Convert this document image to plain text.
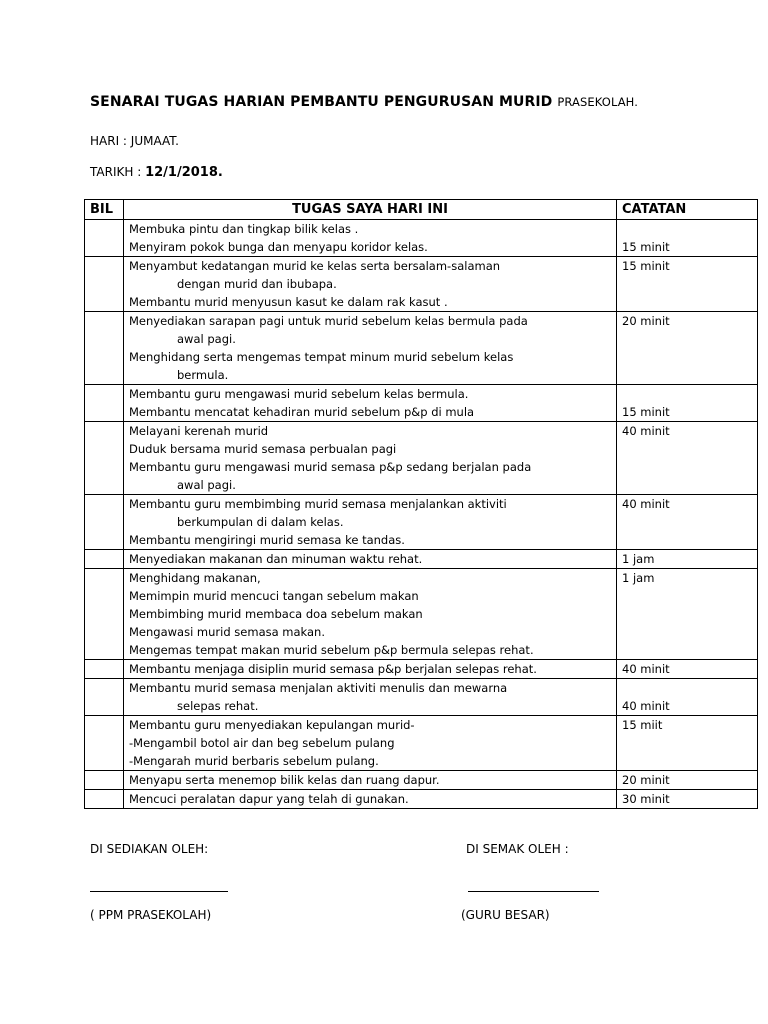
SENARAI TUGAS HARIAN PEMBANTU PENGURUSAN MURID PRASEKOLAH.
HARI : JUMAAT.
TARIKH : 12/1/2018.
BIL	TUGAS SAYA HARI INI	CATATAN

	Membuka pintu dan tingkap bilik kelas .
Menyiram pokok bunga dan menyapu koridor kelas.	15 minit

	Menyambut kedatangan murid ke kelas serta bersalam-salaman
dengan murid dan ibubapa.
Membantu murid menyusun kasut ke dalam rak kasut .	15 minit

	Menyediakan sarapan pagi untuk murid sebelum kelas bermula pada
awal pagi.
Menghidang serta mengemas tempat minum murid sebelum kelas
bermula.	20 minit

	Membantu guru mengawasi murid sebelum kelas bermula.
Membantu mencatat kehadiran murid sebelum p&p di mula	15 minit

	Melayani kerenah murid
Duduk bersama murid semasa perbualan pagi
Membantu guru mengawasi murid semasa p&p sedang berjalan pada
awal pagi.	40 minit

	Membantu guru membimbing murid semasa menjalankan aktiviti
berkumpulan di dalam kelas.
Membantu mengiringi murid semasa ke tandas.	40 minit

	Menyediakan makanan dan minuman waktu rehat.	1 jam

	Menghidang makanan,
Memimpin murid mencuci tangan sebelum makan
Membimbing murid membaca doa sebelum makan
Mengawasi murid semasa makan.
Mengemas tempat makan murid sebelum p&p bermula selepas rehat.	1 jam

	Membantu menjaga disiplin murid semasa p&p berjalan selepas rehat.	40 minit

	Membantu murid semasa menjalan aktiviti menulis dan mewarna
selepas rehat.	40 minit

	Membantu guru menyediakan kepulangan murid-
-Mengambil botol air dan beg sebelum pulang
-Mengarah murid berbaris sebelum pulang.	15 miit

	Menyapu serta menemop bilik kelas dan ruang dapur.	20 minit

	Mencuci peralatan dapur yang telah di gunakan.	30 minit
DI SEDIAKAN OLEH:	DI SEMAK OLEH :
( PPM PRASEKOLAH)	(GURU BESAR)
